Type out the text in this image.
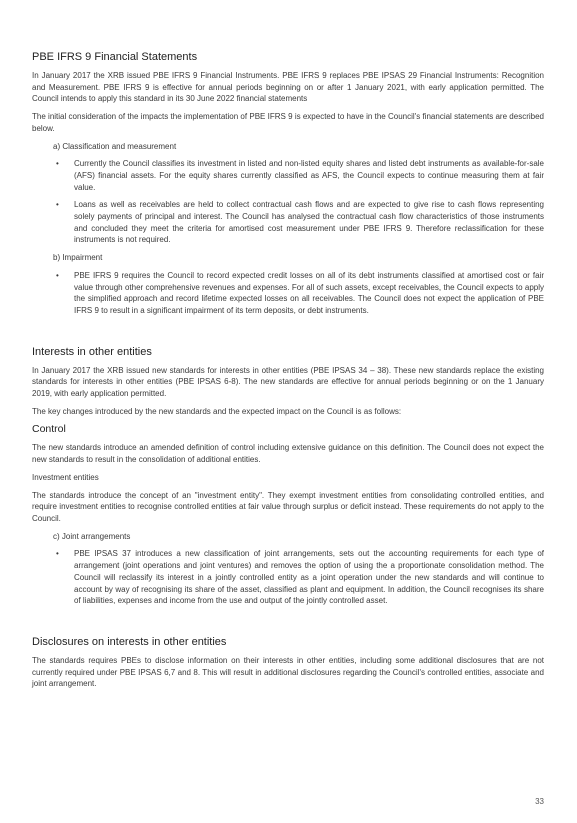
PBE IFRS 9 Financial Statements

In January 2017 the XRB issued PBE IFRS 9 Financial Instruments. PBE IFRS 9 replaces PBE IPSAS 29 Financial Instruments: Recognition and Measurement. PBE IFRS 9 is effective for annual periods beginning on or after 1 January 2021, with early application permitted. The Council intends to apply this standard in its 30 June 2022 financial statements

The initial consideration of the impacts the implementation of PBE IFRS 9 is expected to have in the Council's financial statements are described below.

a) Classification and measurement
• Currently the Council classifies its investment in listed and non-listed equity shares and listed debt instruments as available-for-sale (AFS) financial assets. For the equity shares currently classified as AFS, the Council expects to continue measuring them at fair value.
• Loans as well as receivables are held to collect contractual cash flows and are expected to give rise to cash flows representing solely payments of principal and interest. The Council has analysed the contractual cash flow characteristics of those instruments and concluded they meet the criteria for amortised cost measurement under PBE IFRS 9. Therefore reclassification for these instruments is not required.
b) Impairment
• PBE IFRS 9 requires the Council to record expected credit losses on all of its debt instruments classified at amortised cost or fair value through other comprehensive revenues and expenses. For all of such assets, except receivables, the Council expects to apply the simplified approach and record lifetime expected losses on all receivables. The Council does not expect the application of PBE IFRS 9 to result in a significant impairment of its term deposits, or debt instruments.
Interests in other entities

In January 2017 the XRB issued new standards for interests in other entities (PBE IPSAS 34 – 38). These new standards replace the existing standards for interests in other entities (PBE IPSAS 6-8). The new standards are effective for annual periods beginning or on the 1 January 2019, with early application permitted.

The key changes introduced by the new standards and the expected impact on the Council is as follows:

Control

The new standards introduce an amended definition of control including extensive guidance on this definition. The Council does not expect the new standards to result in the consolidation of additional entities.

Investment entities

The standards introduce the concept of an "investment entity". They exempt investment entities from consolidating controlled entities, and require investment entities to recognise controlled entities at fair value through surplus or deficit instead. These requirements do not apply to the Council.

c) Joint arrangements
• PBE IPSAS 37 introduces a new classification of joint arrangements, sets out the accounting requirements for each type of arrangement (joint operations and joint ventures) and removes the option of using the a proportionate consolidation method. The Council will reclassify its interest in a jointly controlled entity as a joint operation under the new standards and will continue to account by way of recognising its share of the asset, classified as plant and equipment. In addition, the Council recognises its share of liabilities, expenses and income from the use and output of the jointly controlled asset.
Disclosures on interests in other entities

The standards requires PBEs to disclose information on their interests in other entities, including some additional disclosures that are not currently required under PBE IPSAS 6,7 and 8. This will result in additional disclosures regarding the Council's controlled entities, associate and joint arrangement.

33
